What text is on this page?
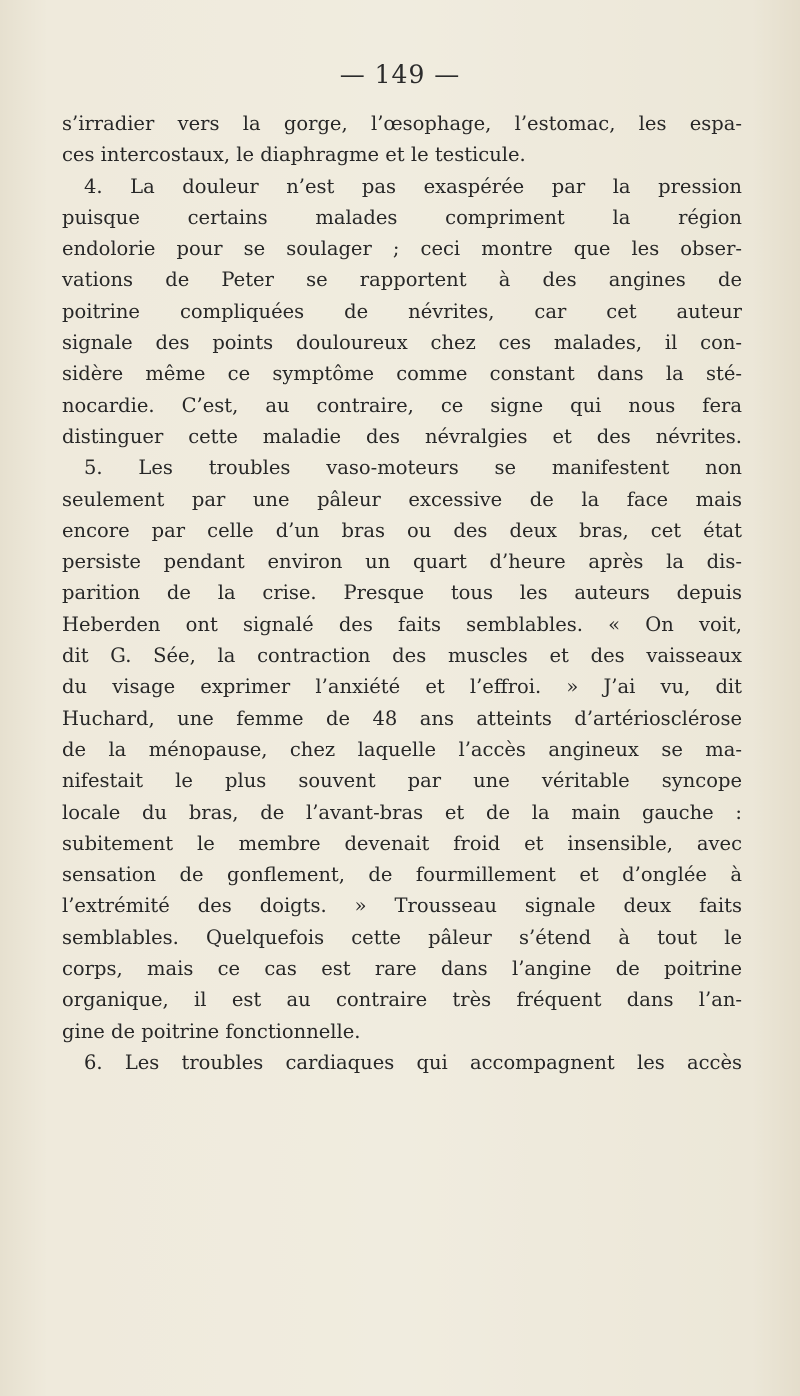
— 149 —
s’irradier vers la gorge, l’œsophage, l’estomac, les espa-
ces intercostaux, le diaphragme et le testicule.
4. La douleur n’est pas exaspérée par la pression
puisque certains malades compriment la région
endolorie pour se soulager ; ceci montre que les obser-
vations de Peter se rapportent à des angines de
poitrine compliquées de névrites, car cet auteur
signale des points douloureux chez ces malades, il con-
sidère même ce symptôme comme constant dans la sté-
nocardie. C’est, au contraire, ce signe qui nous fera
distinguer cette maladie des névralgies et des névrites.
5. Les troubles vaso-moteurs se manifestent non
seulement par une pâleur excessive de la face mais
encore par celle d’un bras ou des deux bras, cet état
persiste pendant environ un quart d’heure après la dis-
parition de la crise. Presque tous les auteurs depuis
Heberden ont signalé des faits semblables. « On voit,
dit G. Sée, la contraction des muscles et des vaisseaux
du visage exprimer l’anxiété et l’effroi. » J’ai vu, dit
Huchard, une femme de 48 ans atteints d’artériosclérose
de la ménopause, chez laquelle l’accès angineux se ma-
nifestait le plus souvent par une véritable syncope
locale du bras, de l’avant-bras et de la main gauche :
subitement le membre devenait froid et insensible, avec
sensation de gonflement, de fourmillement et d’onglée à
l’extrémité des doigts. » Trousseau signale deux faits
semblables. Quelquefois cette pâleur s’étend à tout le
corps, mais ce cas est rare dans l’angine de poitrine
organique, il est au contraire très fréquent dans l’an-
gine de poitrine fonctionnelle.
6. Les troubles cardiaques qui accompagnent les accès
